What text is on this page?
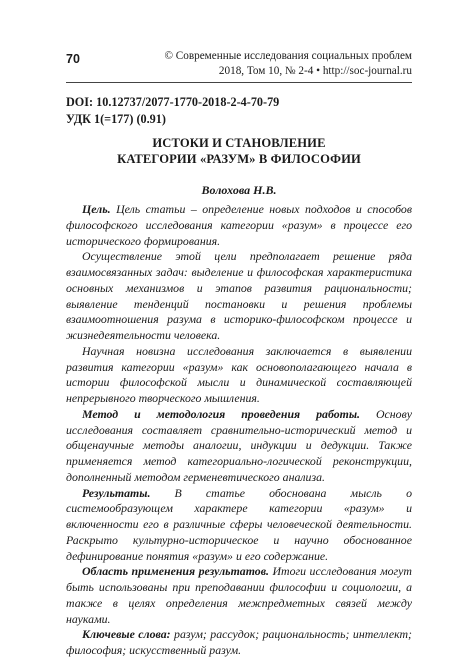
70	© Современные исследования социальных проблем
2018, Том 10, № 2-4 • http://soc-journal.ru
DOI: 10.12737/2077-1770-2018-2-4-70-79
УДК 1(=177) (0.91)
ИСТОКИ И СТАНОВЛЕНИЕ
КАТЕГОРИИ «РАЗУМ» В ФИЛОСОФИИ
Волохова Н.В.

Цель. Цель статьи – определение новых подходов и способов философского исследования категории «разум» в процессе его исторического формирования.

Осуществление этой цели предполагает решение ряда взаимосвязанных задач: выделение и философская характеристика основных механизмов и этапов развития рациональности; выявление тенденций постановки и решения проблемы взаимоотношения разума в историко-философском процессе и жизнедеятельности человека.

Научная новизна исследования заключается в выявлении развития категории «разум» как основополагающего начала в истории философской мысли и динамической составляющей непрерывного творческого мышления.

Метод и методология проведения работы. Основу исследования составляет сравнительно-исторический метод и общенаучные методы аналогии, индукции и дедукции. Также применяется метод категориально-логической реконструкции, дополненный методом герменевтического анализа.

Результаты. В статье обоснована мысль о системообразующем характере категории «разум» и включенности его в различные сферы человеческой деятельности. Раскрыто культурно-историческое и научно обоснованное дефинирование понятия «разум» и его содержание.

Область применения результатов. Итоги исследования могут быть использованы при преподавании философии и социологии, а также в целях определения межпредметных связей между науками.

Ключевые слова: разум; рассудок; рациональность; интеллект; философия; искусственный разум.
